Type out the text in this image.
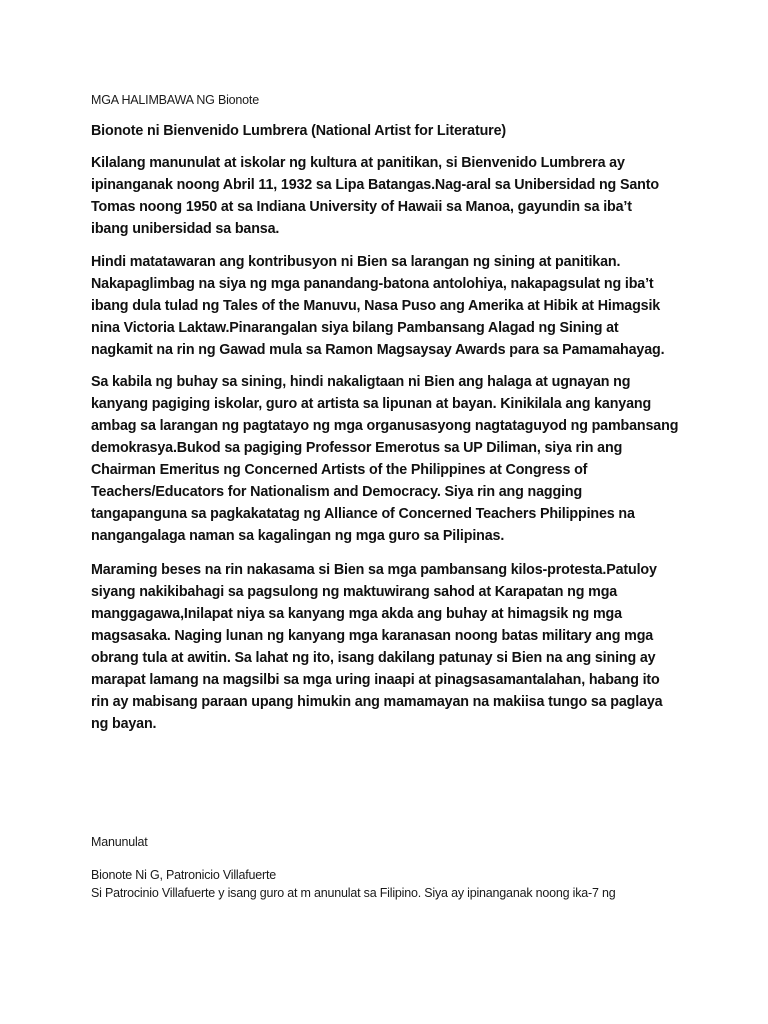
MGA HALIMBAWA NG Bionote

Bionote ni Bienvenido Lumbrera (National Artist for Literature)

Kilalang manunulat at iskolar ng kultura at panitikan, si Bienvenido Lumbrera ay

ipinanganak noong Abril 11, 1932 sa Lipa Batangas.Nag-aral sa Unibersidad ng Santo

Tomas noong 1950 at sa Indiana University of Hawaii sa Manoa, gayundin sa iba’t

ibang unibersidad sa bansa.

Hindi matatawaran ang kontribusyon ni Bien sa larangan ng sining at panitikan.

Nakapaglimbag na siya ng mga panandang-batona antolohiya, nakapagsulat ng iba’t

ibang dula tulad ng Tales of the Manuvu, Nasa Puso ang Amerika at Hibik at Himagsik

nina Victoria Laktaw.Pinarangalan siya bilang Pambansang Alagad ng Sining at

nagkamit na rin ng Gawad mula sa Ramon Magsaysay Awards para sa Pamamahayag.

Sa kabila ng buhay sa sining, hindi nakaligtaan ni Bien ang halaga at ugnayan ng

kanyang pagiging iskolar, guro at artista sa lipunan at bayan. Kinikilala ang kanyang

ambag sa larangan ng pagtatayo ng mga organusasyong nagtataguyod ng pambansang

demokrasya.Bukod sa pagiging Professor Emerotus sa UP Diliman, siya rin ang

Chairman Emeritus ng Concerned Artists of the Philippines at Congress of

Teachers/Educators for Nationalism and Democracy. Siya rin ang nagging

tangapanguna sa pagkakatatag ng Alliance of Concerned Teachers Philippines na

nangangalaga naman sa kagalingan ng mga guro sa Pilipinas.

Maraming beses na rin nakasama si Bien sa mga pambansang kilos-protesta.Patuloy

siyang nakikibahagi sa pagsulong ng maktuwirang sahod at Karapatan ng mga

manggagawa,Inilapat niya sa kanyang mga akda ang buhay at himagsik ng mga

magsasaka. Naging lunan ng kanyang mga karanasan noong batas military ang mga

obrang tula at awitin. Sa lahat ng ito, isang dakilang patunay si Bien na ang sining ay

marapat lamang na magsilbi sa mga uring inaapi at pinagsasamantalahan, habang ito

rin ay mabisang paraan upang himukin ang mamamayan na makiisa tungo sa paglaya

ng bayan.

Manunulat

Bionote Ni G, Patronicio Villafuerte

Si Patrocinio Villafuerte y isang guro at m anunulat sa Filipino. Siya ay ipinanganak noong ika-7 ng
